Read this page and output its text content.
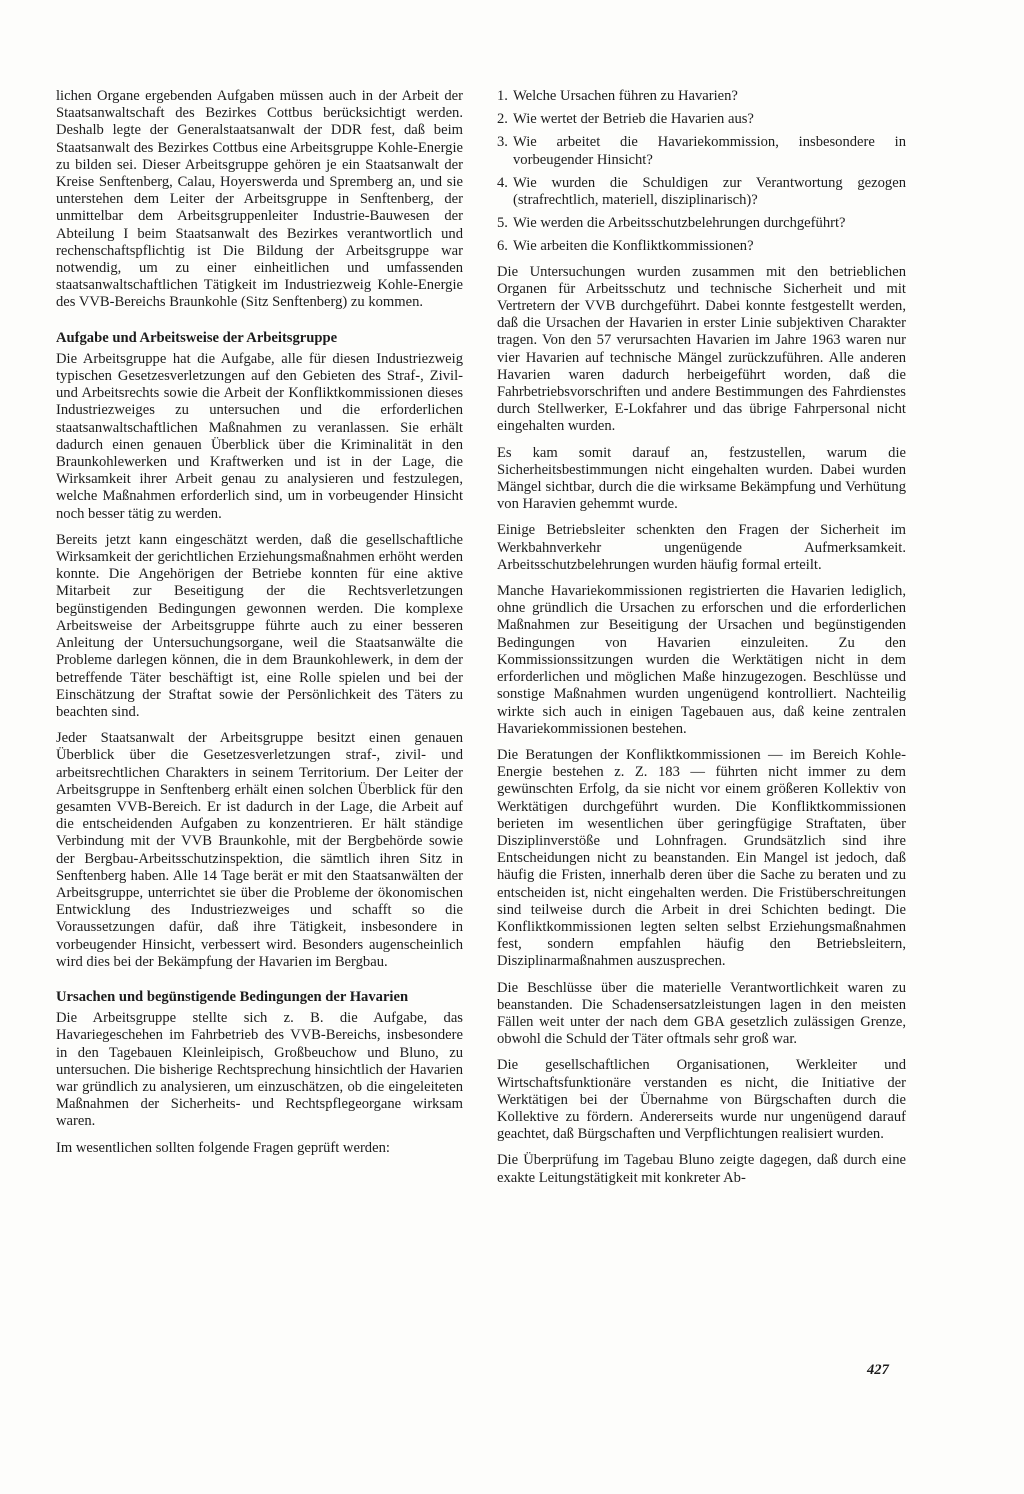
lichen Organe ergebenden Aufgaben müssen auch in der Arbeit der Staatsanwaltschaft des Bezirkes Cottbus berücksichtigt werden. Deshalb legte der Generalstaatsanwalt der DDR fest, daß beim Staatsanwalt des Bezirkes Cottbus eine Arbeitsgruppe Kohle-Energie zu bilden sei. Dieser Arbeitsgruppe gehören je ein Staatsanwalt der Kreise Senftenberg, Calau, Hoyerswerda und Spremberg an, und sie unterstehen dem Leiter der Arbeitsgruppe in Senftenberg, der unmittelbar dem Arbeitsgruppenleiter Industrie-Bauwesen der Abteilung I beim Staatsanwalt des Bezirkes verantwortlich und rechenschaftspflichtig ist Die Bildung der Arbeitsgruppe war notwendig, um zu einer einheitlichen und umfassenden staatsanwaltschaftlichen Tätigkeit im Industriezweig Kohle-Energie des VVB-Bereichs Braunkohle (Sitz Senftenberg) zu kommen.

Aufgabe und Arbeitsweise der Arbeitsgruppe

Die Arbeitsgruppe hat die Aufgabe, alle für diesen Industriezweig typischen Gesetzesverletzungen auf den Gebieten des Straf-, Zivil- und Arbeitsrechts sowie die Arbeit der Konfliktkommissionen dieses Industriezweiges zu untersuchen und die erforderlichen staatsanwaltschaftlichen Maßnahmen zu veranlassen. Sie erhält dadurch einen genauen Überblick über die Kriminalität in den Braunkohlewerken und Kraftwerken und ist in der Lage, die Wirksamkeit ihrer Arbeit genau zu analysieren und festzulegen, welche Maßnahmen erforderlich sind, um in vorbeugender Hinsicht noch besser tätig zu werden.

Bereits jetzt kann eingeschätzt werden, daß die gesellschaftliche Wirksamkeit der gerichtlichen Erziehungsmaßnahmen erhöht werden konnte. Die Angehörigen der Betriebe konnten für eine aktive Mitarbeit zur Beseitigung der die Rechtsverletzungen begünstigenden Bedingungen gewonnen werden. Die komplexe Arbeitsweise der Arbeitsgruppe führte auch zu einer besseren Anleitung der Untersuchungsorgane, weil die Staatsanwälte die Probleme darlegen können, die in dem Braunkohlewerk, in dem der betreffende Täter beschäftigt ist, eine Rolle spielen und bei der Einschätzung der Straftat sowie der Persönlichkeit des Täters zu beachten sind.

Jeder Staatsanwalt der Arbeitsgruppe besitzt einen genauen Überblick über die Gesetzesverletzungen straf-, zivil- und arbeitsrechtlichen Charakters in seinem Territorium. Der Leiter der Arbeitsgruppe in Senftenberg erhält einen solchen Überblick für den gesamten VVB-Bereich. Er ist dadurch in der Lage, die Arbeit auf die entscheidenden Aufgaben zu konzentrieren. Er hält ständige Verbindung mit der VVB Braunkohle, mit der Bergbehörde sowie der Bergbau-Arbeitsschutzinspektion, die sämtlich ihren Sitz in Senftenberg haben. Alle 14 Tage berät er mit den Staatsanwälten der Arbeitsgruppe, unterrichtet sie über die Probleme der ökonomischen Entwicklung des Industriezweiges und schafft so die Voraussetzungen dafür, daß ihre Tätigkeit, insbesondere in vorbeugender Hinsicht, verbessert wird. Besonders augenscheinlich wird dies bei der Bekämpfung der Havarien im Bergbau.

Ursachen und begünstigende Bedingungen der Havarien

Die Arbeitsgruppe stellte sich z. B. die Aufgabe, das Havariegeschehen im Fahrbetrieb des VVB-Bereichs, insbesondere in den Tagebauen Kleinleipisch, Großbeuchow und Bluno, zu untersuchen. Die bisherige Rechtsprechung hinsichtlich der Havarien war gründlich zu analysieren, um einzuschätzen, ob die eingeleiteten Maßnahmen der Sicherheits- und Rechtspflegeorgane wirksam waren.

Im wesentlichen sollten folgende Fragen geprüft werden:

1. Welche Ursachen führen zu Havarien?
2. Wie wertet der Betrieb die Havarien aus?
3. Wie arbeitet die Havariekommission, insbesondere in vorbeugender Hinsicht?
4. Wie wurden die Schuldigen zur Verantwortung gezogen (strafrechtlich, materiell, disziplinarisch)?
5. Wie werden die Arbeitsschutzbelehrungen durchgeführt?
6. Wie arbeiten die Konfliktkommissionen?

Die Untersuchungen wurden zusammen mit den betrieblichen Organen für Arbeitsschutz und technische Sicherheit und mit Vertretern der VVB durchgeführt. Dabei konnte festgestellt werden, daß die Ursachen der Havarien in erster Linie subjektiven Charakter tragen. Von den 57 verursachten Havarien im Jahre 1963 waren nur vier Havarien auf technische Mängel zurückzuführen. Alle anderen Havarien waren dadurch herbeigeführt worden, daß die Fahrbetriebsvorschriften und andere Bestimmungen des Fahrdienstes durch Stellwerker, E-Lokfahrer und das übrige Fahrpersonal nicht eingehalten wurden.

Es kam somit darauf an, festzustellen, warum die Sicherheitsbestimmungen nicht eingehalten wurden. Dabei wurden Mängel sichtbar, durch die die wirksame Bekämpfung und Verhütung von Haravien gehemmt wurde.

Einige Betriebsleiter schenkten den Fragen der Sicherheit im Werkbahnverkehr ungenügende Aufmerksamkeit. Arbeitsschutzbelehrungen wurden häufig formal erteilt.

Manche Havariekommissionen registrierten die Havarien lediglich, ohne gründlich die Ursachen zu erforschen und die erforderlichen Maßnahmen zur Beseitigung der Ursachen und begünstigenden Bedingungen von Havarien einzuleiten. Zu den Kommissionssitzungen wurden die Werktätigen nicht in dem erforderlichen und möglichen Maße hinzugezogen. Beschlüsse und sonstige Maßnahmen wurden ungenügend kontrolliert. Nachteilig wirkte sich auch in einigen Tagebauen aus, daß keine zentralen Havariekommissionen bestehen.

Die Beratungen der Konfliktkommissionen — im Bereich Kohle-Energie bestehen z. Z. 183 — führten nicht immer zu dem gewünschten Erfolg, da sie nicht vor einem größeren Kollektiv von Werktätigen durchgeführt wurden. Die Konfliktkommissionen berieten im wesentlichen über geringfügige Straftaten, über Disziplinverstöße und Lohnfragen. Grundsätzlich sind ihre Entscheidungen nicht zu beanstanden. Ein Mangel ist jedoch, daß häufig die Fristen, innerhalb deren über die Sache zu beraten und zu entscheiden ist, nicht eingehalten werden. Die Fristüberschreitungen sind teilweise durch die Arbeit in drei Schichten bedingt. Die Konfliktkommissionen legten selten selbst Erziehungsmaßnahmen fest, sondern empfahlen häufig den Betriebsleitern, Disziplinarmaßnahmen auszusprechen.

Die Beschlüsse über die materielle Verantwortlichkeit waren zu beanstanden. Die Schadensersatzleistungen lagen in den meisten Fällen weit unter der nach dem GBA gesetzlich zulässigen Grenze, obwohl die Schuld der Täter oftmals sehr groß war.

Die gesellschaftlichen Organisationen, Werkleiter und Wirtschaftsfunktionäre verstanden es nicht, die Initiative der Werktätigen bei der Übernahme von Bürgschaften durch die Kollektive zu fördern. Andererseits wurde nur ungenügend darauf geachtet, daß Bürgschaften und Verpflichtungen realisiert wurden.

Die Überprüfung im Tagebau Bluno zeigte dagegen, daß durch eine exakte Leitungstätigkeit mit konkreter Ab-

427
